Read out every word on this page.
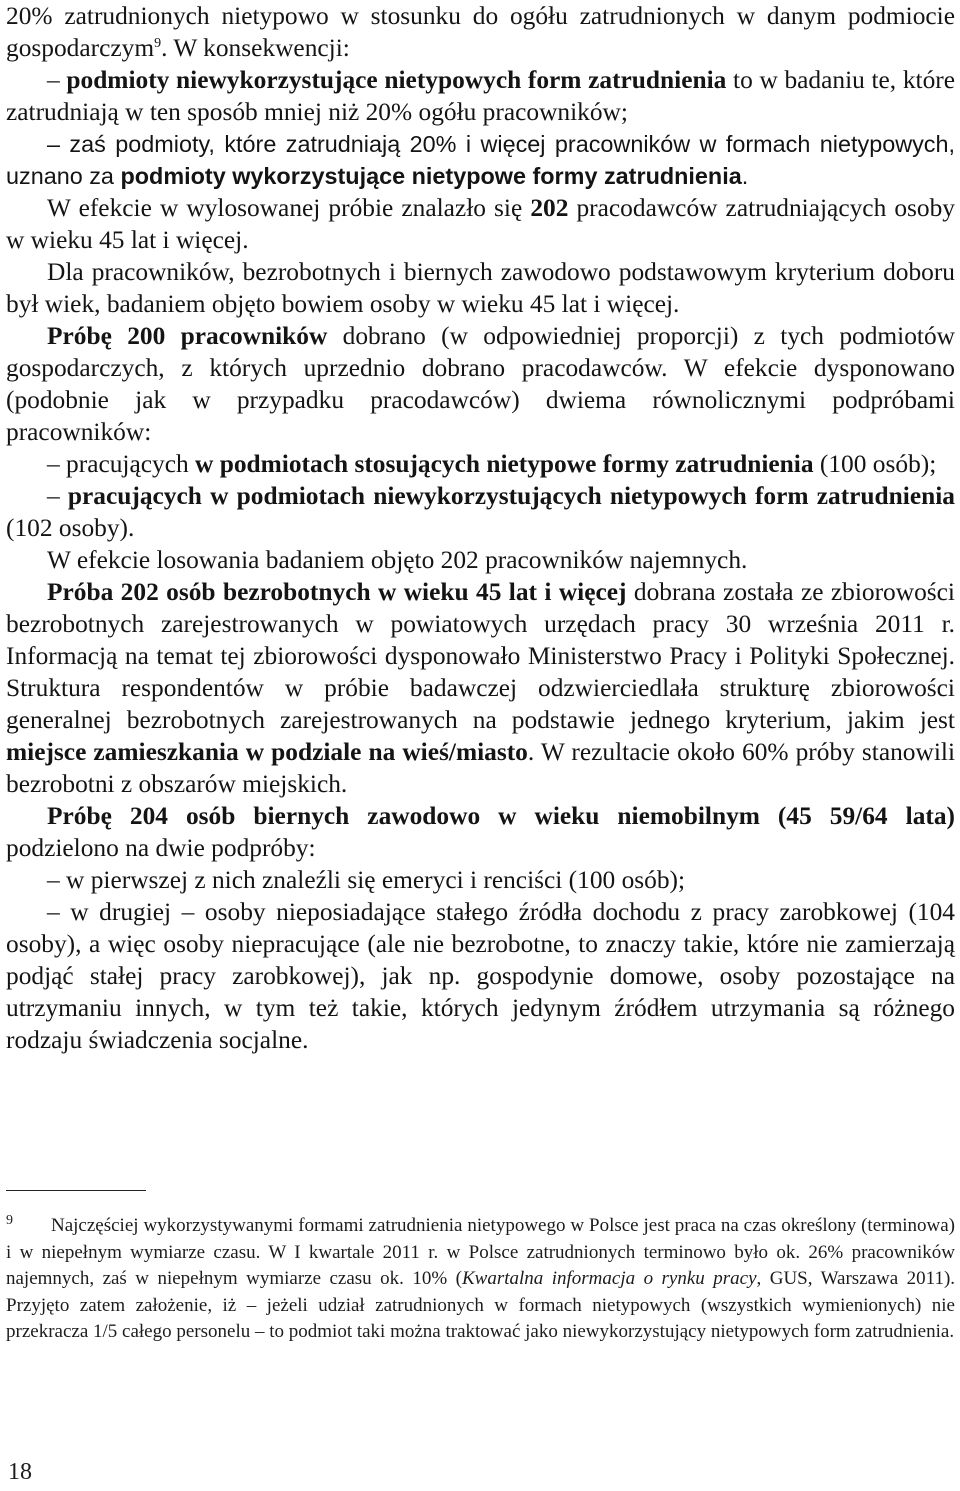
20% zatrudnionych nietypowo w stosunku do ogółu zatrudnionych w danym podmiocie gospodarczym$^9$. W konsekwencji:

– podmioty niewykorzystujące nietypowych form zatrudnienia to w badaniu te, które zatrudniają w ten sposób mniej niż 20% ogółu pracowników;

– zaś podmioty, które zatrudniają 20% i więcej pracowników w formach nietypowych, uznano za podmioty wykorzystujące nietypowe formy zatrudnienia.

W efekcie w wylosowanej próbie znalazło się 202 pracodawców zatrudniających osoby w wieku 45 lat i więcej.

Dla pracowników, bezrobotnych i biernych zawodowo podstawowym kryterium doboru był wiek, badaniem objęto bowiem osoby w wieku 45 lat i więcej.

Próbę 200 pracowników dobrano (w odpowiedniej proporcji) z tych podmiotów gospodarczych, z których uprzednio dobrano pracodawców. W efekcie dysponowano (podobnie jak w przypadku pracodawców) dwiema równolicznymi podpróbami pracowników:

– pracujących w podmiotach stosujących nietypowe formy zatrudnienia (100 osób);

– pracujących w podmiotach niewykorzystujących nietypowych form zatrudnienia (102 osoby).

W efekcie losowania badaniem objęto 202 pracowników najemnych.

Próba 202 osób bezrobotnych w wieku 45 lat i więcej dobrana została ze zbiorowości bezrobotnych zarejestrowanych w powiatowych urzędach pracy 30 września 2011 r. Informacją na temat tej zbiorowości dysponowało Ministerstwo Pracy i Polityki Społecznej. Struktura respondentów w próbie badawczej odzwierciedlała strukturę zbiorowości generalnej bezrobotnych zarejestrowanych na podstawie jednego kryterium, jakim jest miejsce zamieszkania w podziale na wieś/miasto. W rezultacie około 60% próby stanowili bezrobotni z obszarów miejskich.

Próbę 204 osób biernych zawodowo w wieku niemobilnym (45 59/64 lata) podzielono na dwie podpróby:

– w pierwszej z nich znaleźli się emeryci i renciści (100 osób);

– w drugiej – osoby nieposiadające stałego źródła dochodu z pracy zarobkowej (104 osoby), a więc osoby niepracujące (ale nie bezrobotne, to znaczy takie, które nie zamierzają podjąć stałej pracy zarobkowej), jak np. gospodynie domowe, osoby pozostające na utrzymaniu innych, w tym też takie, których jedynym źródłem utrzymania są różnego rodzaju świadczenia socjalne.

$^9$ Najczęściej wykorzystywanymi formami zatrudnienia nietypowego w Polsce jest praca na czas określony (terminowa) i w niepełnym wymiarze czasu. W I kwartale 2011 r. w Polsce zatrudnionych terminowo było ok. 26% pracowników najemnych, zaś w niepełnym wymiarze czasu ok. 10% (Kwartalna informacja o rynku pracy, GUS, Warszawa 2011). Przyjęto zatem założenie, iż – jeżeli udział zatrudnionych w formach nietypowych (wszystkich wymienionych) nie przekracza 1/5 całego personelu – to podmiot taki można traktować jako niewykorzystujący nietypowych form zatrudnienia.

18
